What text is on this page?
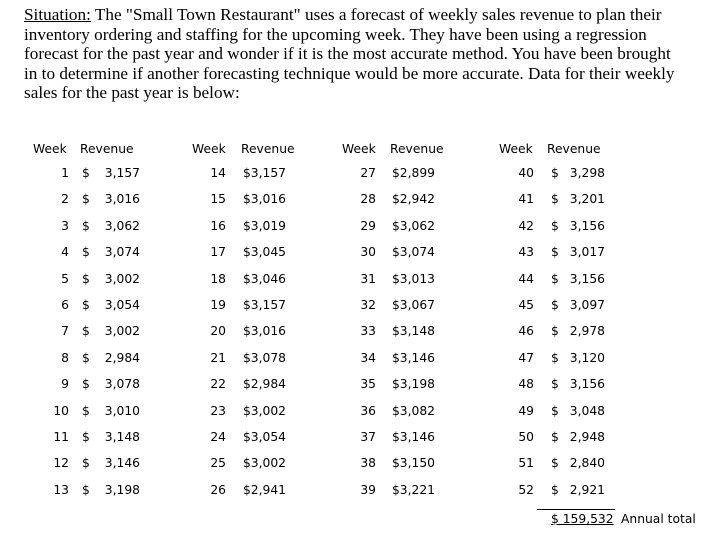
Situation: The "Small Town Restaurant" uses a forecast of weekly sales revenue to plan their inventory ordering and staffing for the upcoming week. They have been using a regression forecast for the past year and wonder if it is the most accurate method. You have been brought in to determine if another forecasting technique would be more accurate. Data for their weekly sales for the past year is below:

Week Revenue
1 $	3,157
2 $	3,016
3 $	3,062
4 $	3,074
5 $	3,002
6 $	3,054
7 $	3,002
8 $	2,984
9 $	3,078
10 $	3,010
11 $	3,148
12 $	3,146
13 $	3,198
Week Revenue
14 $ 3,157
15 $ 3,016
16 $ 3,019
17 $ 3,045
18 $ 3,046
19 $ 3,157
20 $ 3,016
21 $ 3,078
22 $ 2,984
23 $ 3,002
24 $ 3,054
25 $ 3,002
26 $ 2,941
Week Revenue
27 $ 2,899
28 $ 2,942
29 $ 3,062
30 $ 3,074
31 $ 3,013
32 $ 3,067
33 $ 3,148
34 $ 3,146
35 $ 3,198
36 $ 3,082
37 $ 3,146
38 $ 3,150
39 $ 3,221
Week Revenue
40 $ 3,298
41 $ 3,201
42 $ 3,156
43 $ 3,017
44 $ 3,156
45 $ 3,097
46 $ 2,978
47 $ 3,120
48 $ 3,156
49 $ 3,048
50 $ 2,948
51 $ 2,840
52 $ 2,921
$ 159,532 Annual total
